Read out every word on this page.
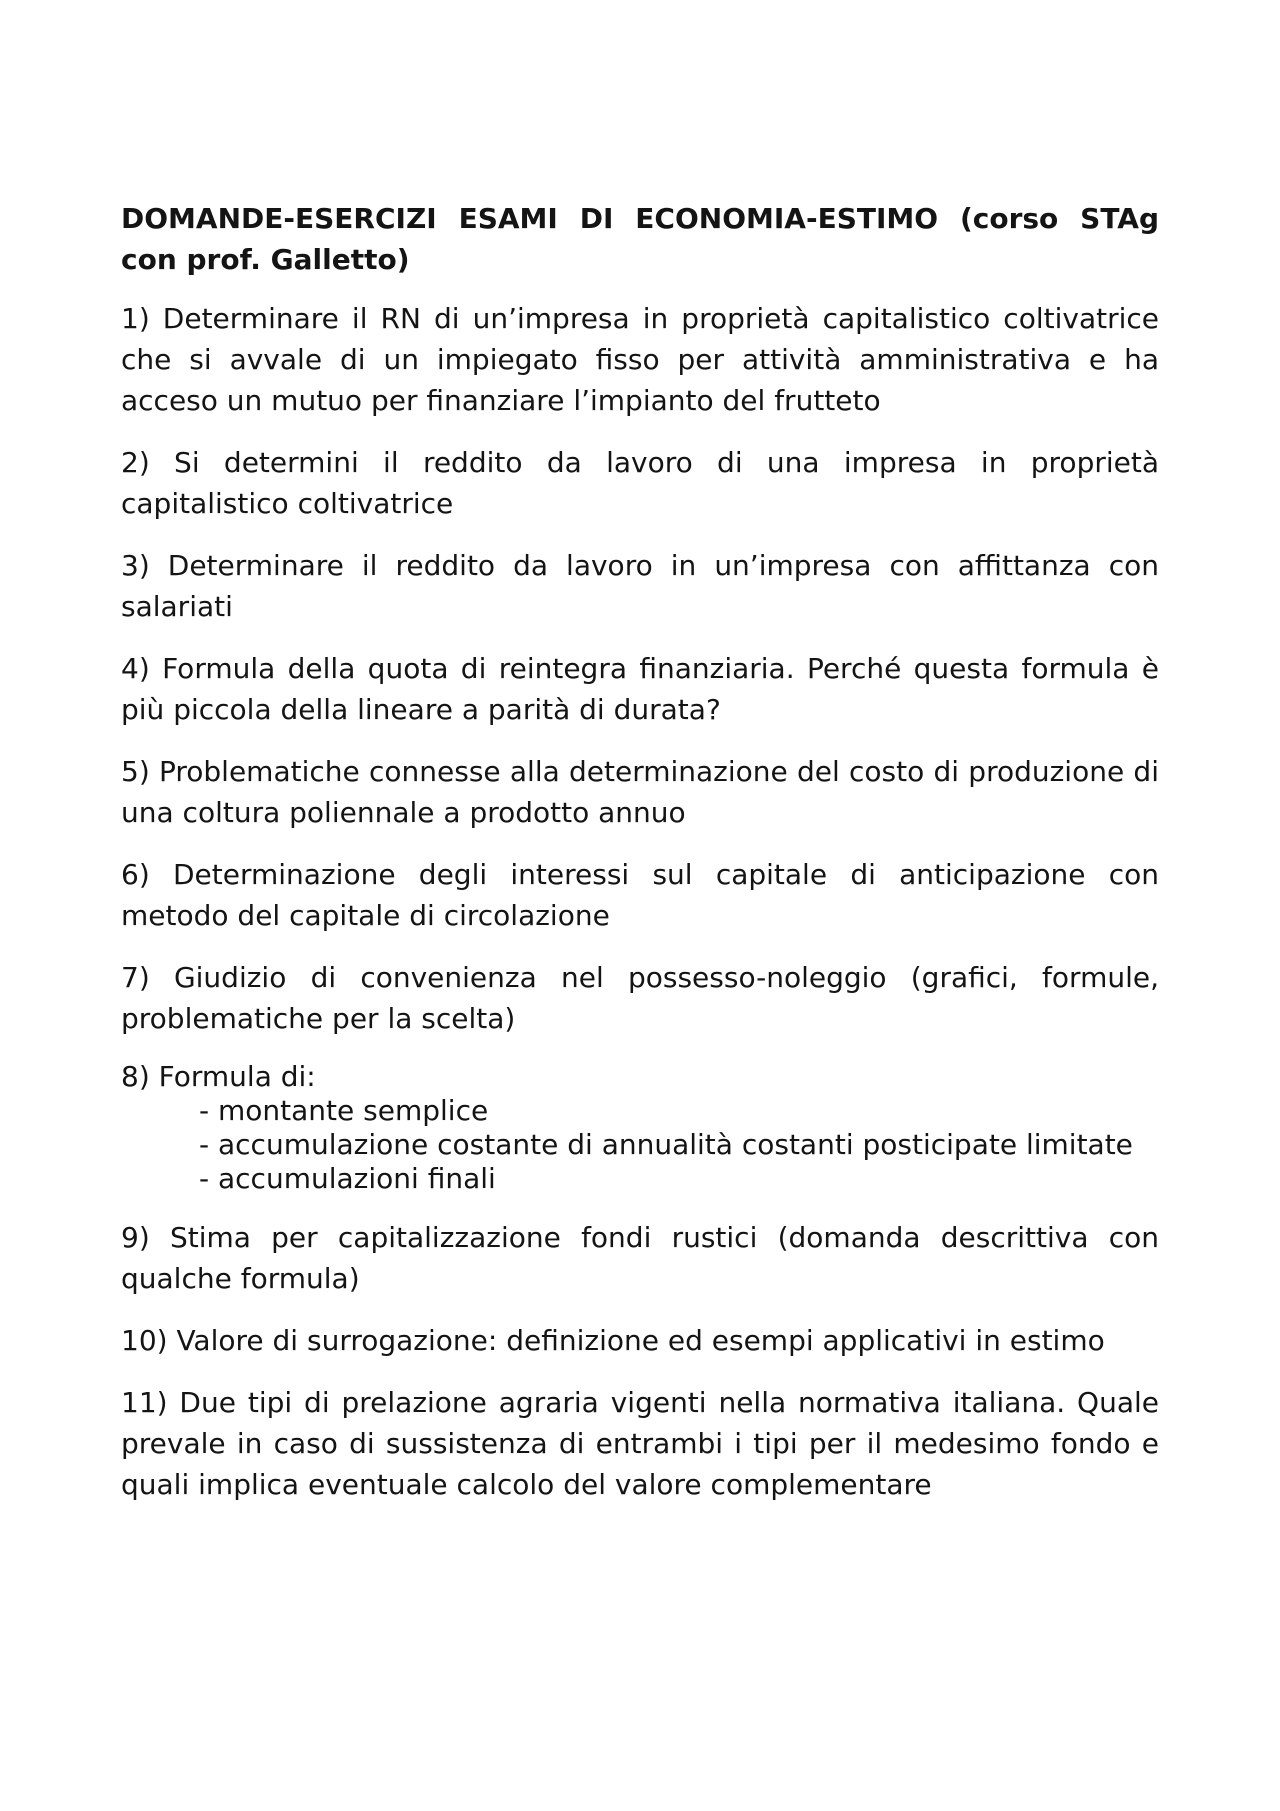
DOMANDE-ESERCIZI ESAMI DI ECONOMIA-ESTIMO (corso STAg con prof. Galletto)

1) Determinare il RN di un’impresa in proprietà capitalistico coltivatrice che si avvale di un impiegato fisso per attività amministrativa e ha acceso un mutuo per finanziare l’impianto del frutteto

2) Si determini il reddito da lavoro di una impresa in proprietà capitalistico coltivatrice

3) Determinare il reddito da lavoro in un’impresa con affittanza con salariati

4) Formula della quota di reintegra finanziaria. Perché questa formula è più piccola della lineare a parità di durata?

5) Problematiche connesse alla determinazione del costo di produzione di una coltura poliennale a prodotto annuo

6) Determinazione degli interessi sul capitale di anticipazione con metodo del capitale di circolazione

7) Giudizio di convenienza nel possesso-noleggio (grafici, formule, problematiche per la scelta)

8) Formula di:

- montante semplice
- accumulazione costante di annualità costanti posticipate limitate
- accumulazioni finali

9) Stima per capitalizzazione fondi rustici (domanda descrittiva con qualche formula)

10) Valore di surrogazione: definizione ed esempi applicativi in estimo

11) Due tipi di prelazione agraria vigenti nella normativa italiana. Quale prevale in caso di sussistenza di entrambi i tipi per il medesimo fondo e quali implica eventuale calcolo del valore complementare
